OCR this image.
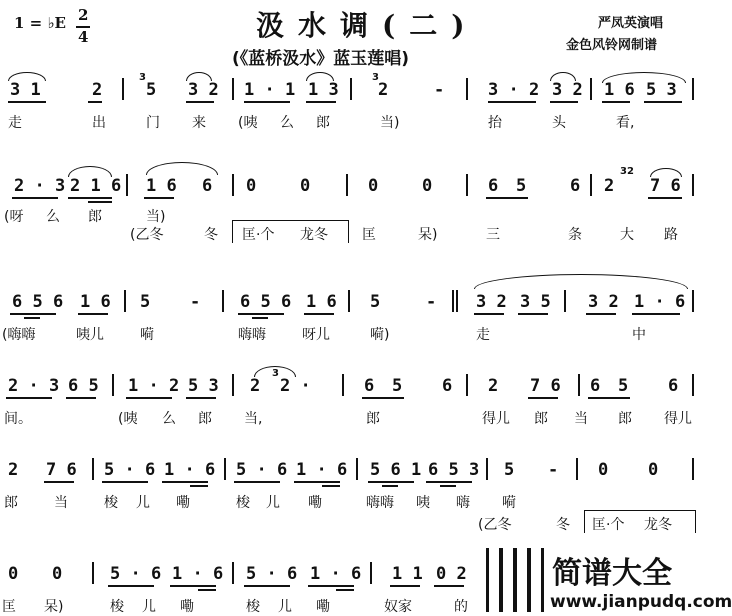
1 = ♭E 2
4	汲水调(二)
(《蓝桥汲水》蓝玉莲唱)
严凤英演唱
金色风铃网制谱
3 1	2
3
5 3 2 1 · 1 1 3
3
2	-	3 · 2 3 2 1 6 5 3
走	出	门 来 (咦 么 郎	当)	抬	头	看,
2 · 3 2 1 6 1 6 6 0	0	0	0	6 5	6 2
32
7 6
(呀 么 郎	当)
(乙冬	冬 匡·个 龙冬 匡	呆)	三	条	大 路
6 5 6 1 6 5 - 6 5 6 1 6 5	- 3 2 3 5 3 2 1 · 6
(嗨嗨	咦儿	嗬	嗨嗨	呀儿	嗬)	走	中
2 · 3 6 5 1 · 2 5 3 2
3
2 ·	6 5 6 2 7 6 6 5 6
间。	(咦 么 郎 当,	郎	得儿 郎 当 郎 得儿
2 7 6 5 · 6 1 · 6 5 · 6 1 · 6 5 6 1 6 5 3 5 - 0 0
郎	当	梭 儿 嘞	梭 儿 嘞	嗨嗨 咦 嗨 嗬
(乙冬	冬 匡·个 龙冬
0 0	5 · 6 1 · 6 5 · 6 1 · 6 1 1 0 2
匡 呆)	梭 儿 嘞	梭 儿 嘞	奴家	的
简谱大全
www.jianpudq.com
